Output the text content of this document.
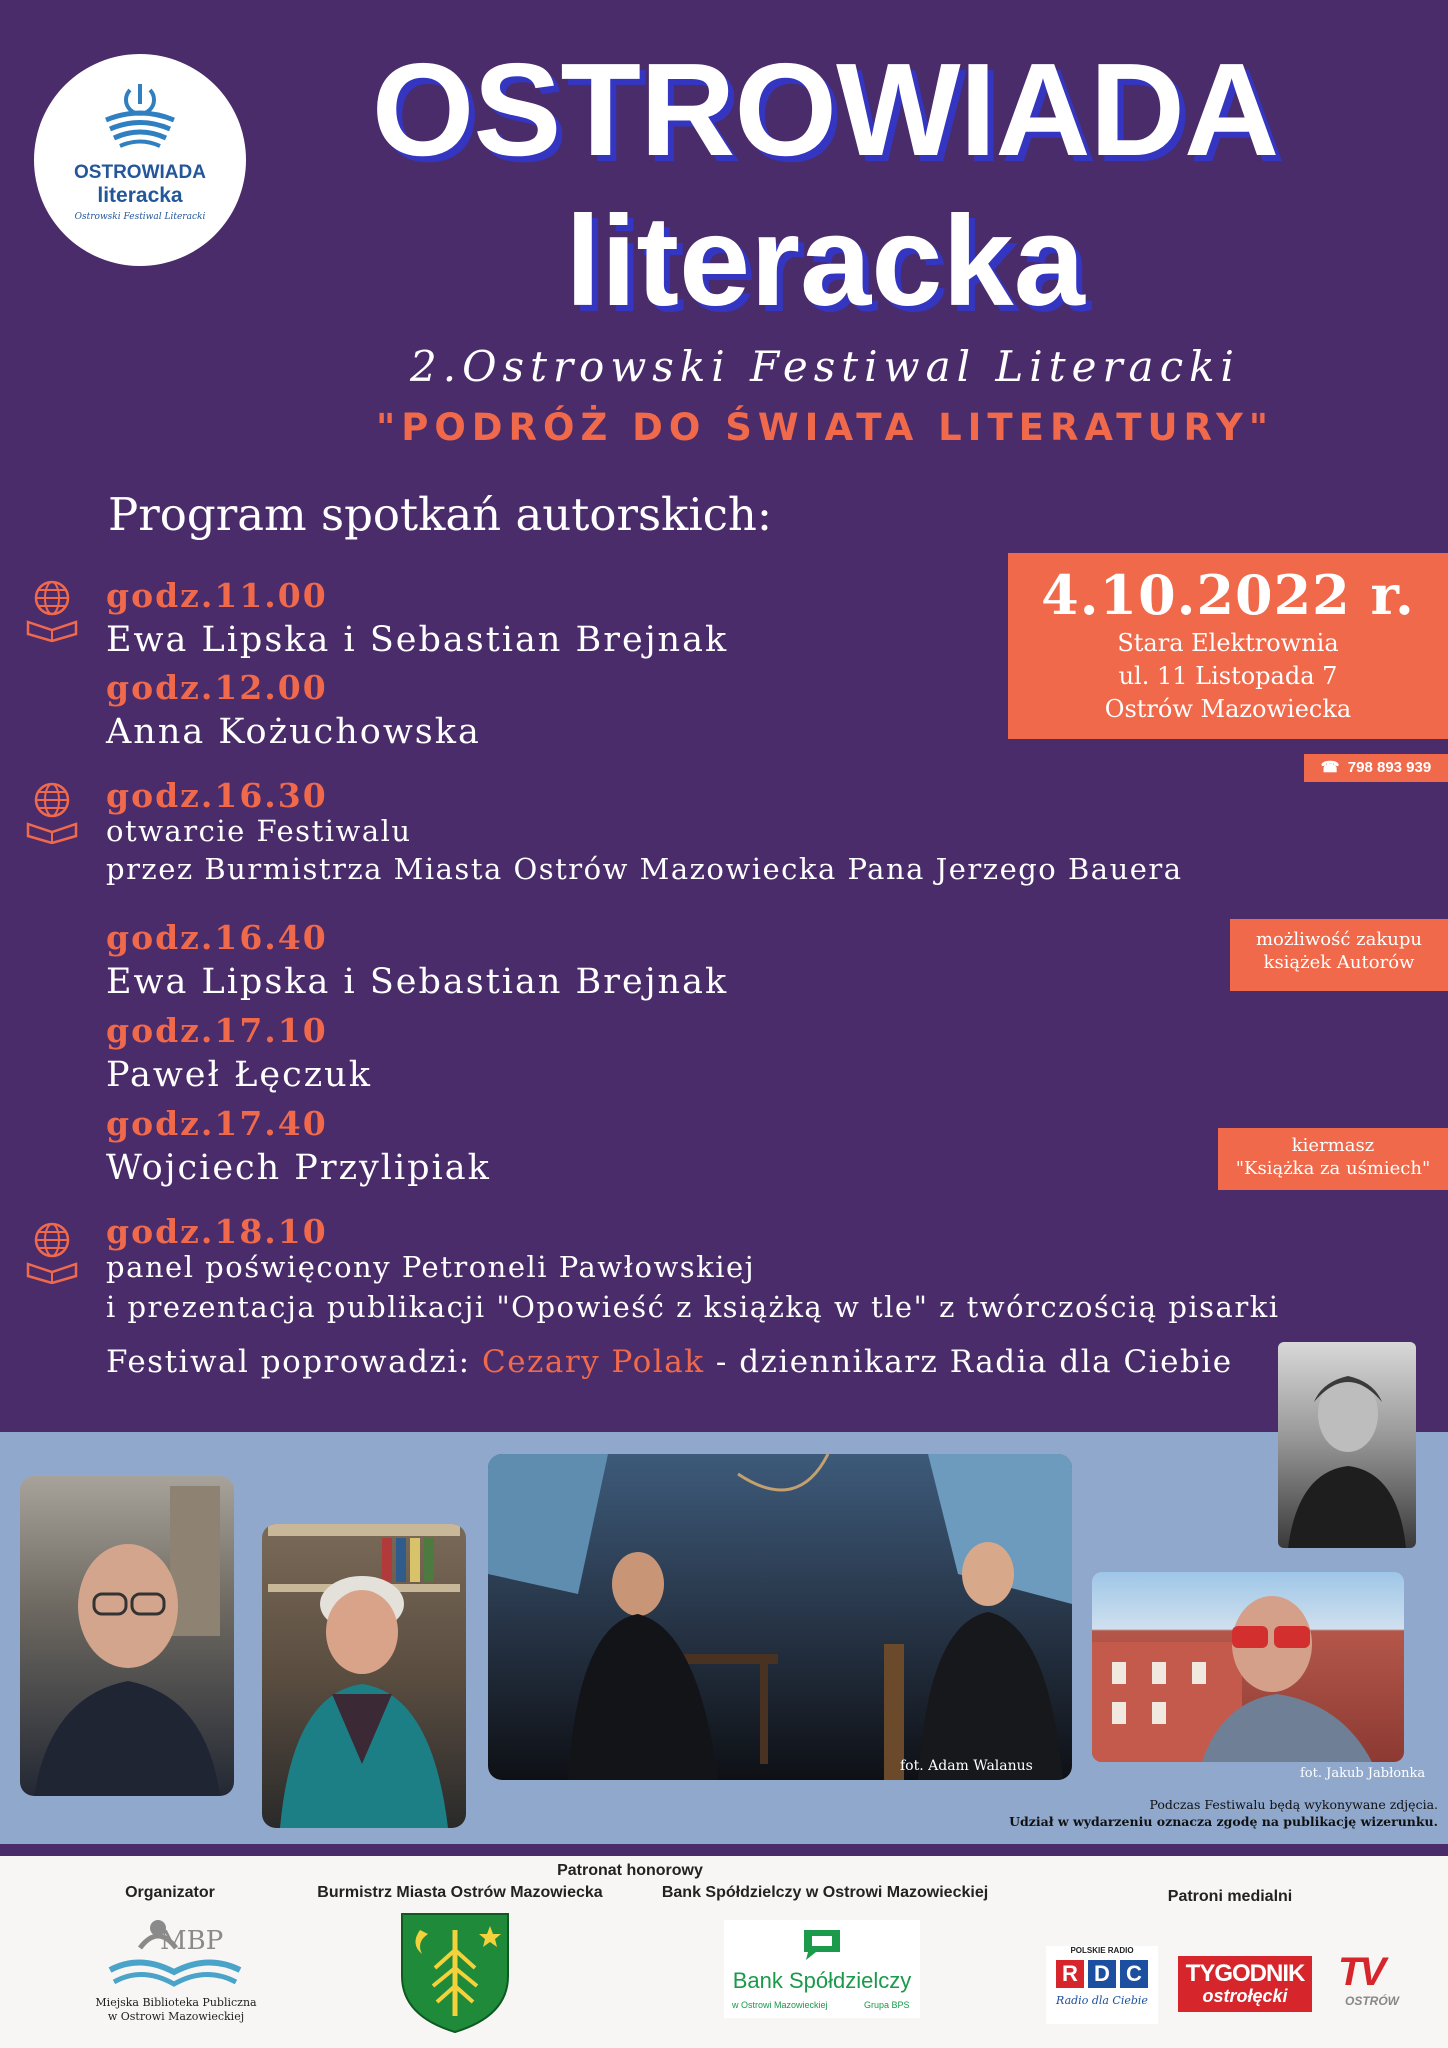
OSTROWIADA
literacka
Ostrowski Festiwal Literacki
OSTROWIADA
literacka
2.Ostrowski Festiwal Literacki
"PODRÓŻ DO ŚWIATA LITERATURY"
Program spotkań autorskich:
4.10.2022 r.
Stara Elektrownia
ul. 11 Listopada 7
Ostrów Mazowiecka
☎  798 893 939
możliwość zakupu
książek Autorów
kiermasz
"Książka za uśmiech"
godz.11.00
Ewa Lipska i Sebastian Brejnak
godz.12.00
Anna Kożuchowska
godz.16.30
otwarcie Festiwalu
przez Burmistrza Miasta Ostrów Mazowiecka Pana Jerzego Bauera
godz.16.40
Ewa Lipska i Sebastian Brejnak
godz.17.10
Paweł Łęczuk
godz.17.40
Wojciech Przylipiak
godz.18.10
panel poświęcony Petroneli Pawłowskiej
i prezentacja publikacji "Opowieść z książką w tle" z twórczością pisarki
Festiwal poprowadzi: Cezary Polak - dziennikarz Radia dla Ciebie
fot. Adam Walanus	fot. Jakub Jabłonka
Podczas Festiwalu będą wykonywane zdjęcia.
Udział w wydarzeniu oznacza zgodę na publikację wizerunku.
Organizator
MBP
Miejska Biblioteka Publiczna
w Ostrowi Mazowieckiej
Patronat honorowy
Burmistrz Miasta Ostrów Mazowiecka	Bank Spółdzielczy w Ostrowi Mazowieckiej
Bank Spółdzielczy
w Ostrowi Mazowieckiej	Grupa BPS
Patroni medialni
POLSKIE RADIO
R D C
Radio dla Ciebie
TYGODNIK
ostrołęcki
TV
OSTRÓW
